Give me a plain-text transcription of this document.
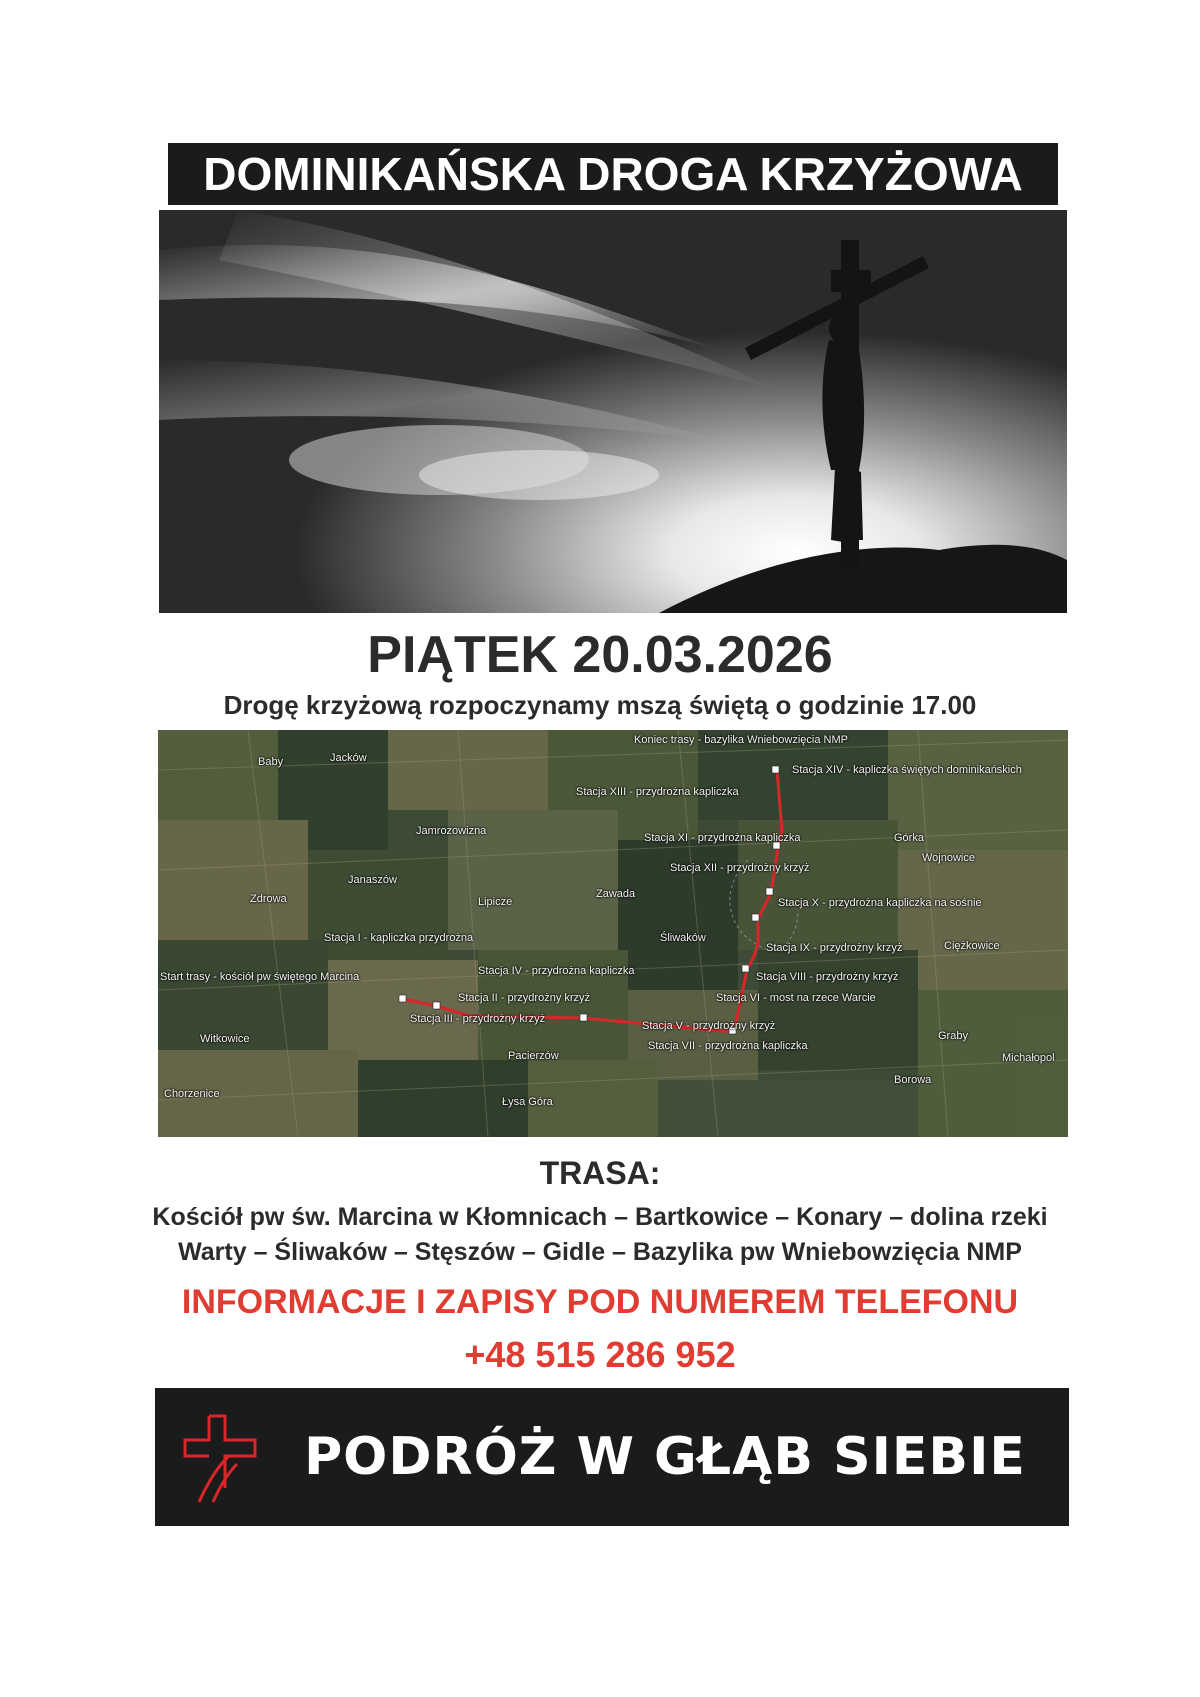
DOMINIKAŃSKA DROGA KRZYŻOWA
PIĄTEK 20.03.2026
Drogę krzyżową rozpoczynamy mszą świętą o godzinie 17.00
Koniec trasy - bazylika Wniebowzięcia NMP
Stacja XIV - kapliczka świętych dominikańskich
Stacja XIII - przydrożna kapliczka
Stacja XI - przydrożna kapliczka
Stacja XII - przydrożny krzyż
Stacja X - przydrożna kapliczka na sośnie
Stacja IX - przydrożny krzyż
Stacja VIII - przydrożny krzyż
Stacja VI - most na rzece Warcie
Stacja V - przydrożny krzyż
Stacja VII - przydrożna kapliczka
Stacja IV - przydrożna kapliczka
Stacja I - kapliczka przydrożna
Stacja II - przydrożny krzyż
Stacja III - przydrożny krzyż
Start trasy - kościół pw świętego Marcina
Baby	Jacków
Jamrozowizna
Janaszów
Zdrowa	Lipicze
Zawada
Śliwaków
Górka
Wojnowice
Ciężkowice
Witkowice
Chorzenice
Pacierzów
Łysa Góra
Graby
Michałopol
Borowa
TRASA:
Kościół pw św. Marcina w Kłomnicach – Bartkowice – Konary – dolina rzeki
Warty – Śliwaków – Stęszów – Gidle – Bazylika pw Wniebowzięcia NMP
INFORMACJE I ZAPISY POD NUMEREM TELEFONU
+48 515 286 952
PODRÓŻ W GŁĄB SIEBIE
